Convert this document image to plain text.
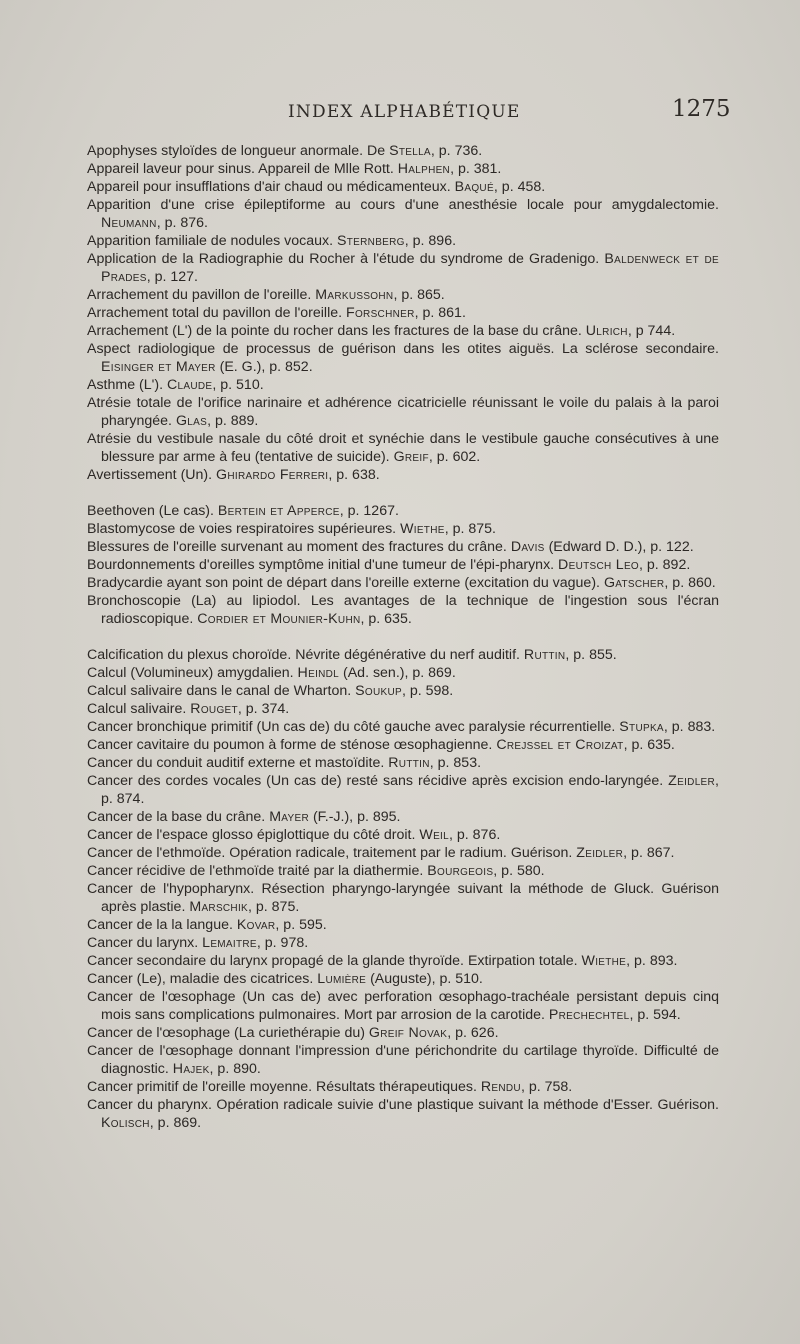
INDEX ALPHABÉTIQUE	1275

Apophyses styloïdes de longueur anormale. De Stella, p. 736.

Appareil laveur pour sinus. Appareil de Mlle Rott. Halphen, p. 381.

Appareil pour insufflations d'air chaud ou médicamenteux. Baqué, p. 458.

Apparition d'une crise épileptiforme au cours d'une anesthésie locale pour amygdalectomie. Neumann, p. 876.

Apparition familiale de nodules vocaux. Sternberg, p. 896.

Application de la Radiographie du Rocher à l'étude du syndrome de Gradenigo. Baldenweck et de Prades, p. 127.

Arrachement du pavillon de l'oreille. Markussohn, p. 865.

Arrachement total du pavillon de l'oreille. Forschner, p. 861.

Arrachement (L') de la pointe du rocher dans les fractures de la base du crâne. Ulrich, p 744.

Aspect radiologique de processus de guérison dans les otites aiguës. La sclérose secondaire. Eisinger et Mayer (E. G.), p. 852.

Asthme (L'). Claude, p. 510.

Atrésie totale de l'orifice narinaire et adhérence cicatricielle réunissant le voile du palais à la paroi pharyngée. Glas, p. 889.

Atrésie du vestibule nasale du côté droit et synéchie dans le vestibule gauche consécutives à une blessure par arme à feu (tentative de suicide). Greif, p. 602.

Avertissement (Un). Ghirardo Ferreri, p. 638.

Beethoven (Le cas). Bertein et Apperce, p. 1267.

Blastomycose de voies respiratoires supérieures. Wiethe, p. 875.

Blessures de l'oreille survenant au moment des fractures du crâne. Davis (Edward D. D.), p. 122.

Bourdonnements d'oreilles symptôme initial d'une tumeur de l'épi-pharynx. Deutsch Leo, p. 892.

Bradycardie ayant son point de départ dans l'oreille externe (excitation du vague). Gatscher, p. 860.

Bronchoscopie (La) au lipiodol. Les avantages de la technique de l'ingestion sous l'écran radioscopique. Cordier et Mounier-Kuhn, p. 635.

Calcification du plexus choroïde. Névrite dégénérative du nerf auditif. Ruttin, p. 855.

Calcul (Volumineux) amygdalien. Heindl (Ad. sen.), p. 869.

Calcul salivaire dans le canal de Wharton. Soukup, p. 598.

Calcul salivaire. Rouget, p. 374.

Cancer bronchique primitif (Un cas de) du côté gauche avec paralysie récurrentielle. Stupka, p. 883.

Cancer cavitaire du poumon à forme de sténose œsophagienne. Crejssel et Croizat, p. 635.

Cancer du conduit auditif externe et mastoïdite. Ruttin, p. 853.

Cancer des cordes vocales (Un cas de) resté sans récidive après excision endo-laryngée. Zeidler, p. 874.

Cancer de la base du crâne. Mayer (F.-J.), p. 895.

Cancer de l'espace glosso épiglottique du côté droit. Weil, p. 876.

Cancer de l'ethmoïde. Opération radicale, traitement par le radium. Guérison. Zeidler, p. 867.

Cancer récidive de l'ethmoïde traité par la diathermie. Bourgeois, p. 580.

Cancer de l'hypopharynx. Résection pharyngo-laryngée suivant la méthode de Gluck. Guérison après plastie. Marschik, p. 875.

Cancer de la la langue. Kovar, p. 595.

Cancer du larynx. Lemaitre, p. 978.

Cancer secondaire du larynx propagé de la glande thyroïde. Extirpation totale. Wiethe, p. 893.

Cancer (Le), maladie des cicatrices. Lumière (Auguste), p. 510.

Cancer de l'œsophage (Un cas de) avec perforation œsophago-trachéale persistant depuis cinq mois sans complications pulmonaires. Mort par arrosion de la carotide. Prechechtel, p. 594.

Cancer de l'œsophage (La curiethérapie du) Greif Novak, p. 626.

Cancer de l'œsophage donnant l'impression d'une périchondrite du cartilage thyroïde. Difficulté de diagnostic. Hajek, p. 890.

Cancer primitif de l'oreille moyenne. Résultats thérapeutiques. Rendu, p. 758.

Cancer du pharynx. Opération radicale suivie d'une plastique suivant la méthode d'Esser. Guérison. Kolisch, p. 869.
